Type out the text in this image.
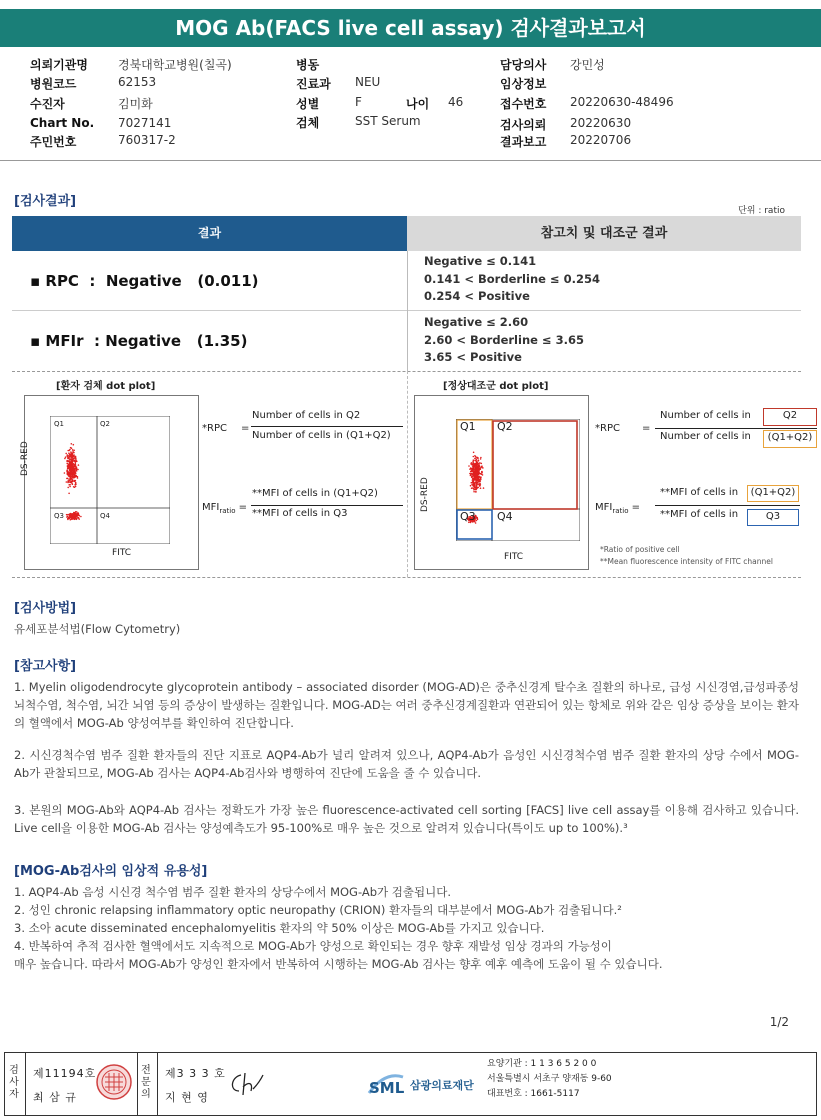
MOG Ab(FACS live cell assay) 검사결과보고서
의뢰기관명	경북대학교병원(칠곡)
병원코드	62153
수진자	김미화
Chart No. 7027141
주민번호	760317-2
병동
진료과 NEU
성별	F	나이 46
검체	SST Serum
담당의사 강민성
임상정보
접수번호 20220630-48496
검사의뢰 20220630
결과보고 20220706
[검사결과]
단위 : ratio
결과	참고치 및 대조군 결과
▪ RPC  :  Negative   (0.011)
Negative ≤ 0.141
0.141 < Borderline ≤ 0.254
0.254 < Positive
▪ MFIr  : Negative   (1.35)
Negative ≤ 2.60
2.60 < Borderline ≤ 3.65
3.65 < Positive
[환자 검체 dot plot]
DS-RED
FITC
Q1	Q2
Q3	Q4
*RPC =
Number of cells in Q2
Number of cells in (Q1+Q2)
$MFI_{ratio}$ =
**MFI of cells in (Q1+Q2)
**MFI of cells in Q3
[정상대조군 dot plot]
DS-RED
FITC
Q1 Q2
Q3 Q4
*RPC =
Number of cells in	Q2
Number of cells in	(Q1+Q2)
$MFI_{ratio}$ =
**MFI of cells in	(Q1+Q2)
**MFI of cells in	Q3
*Ratio of positive cell
**Mean fluorescence intensity of FITC channel
[검사방법]
유세포분석법(Flow Cytometry)
[참고사항]
1. Myelin oligodendrocyte glycoprotein antibody – associated disorder (MOG-AD)은 중추신경계 탈수초 질환의 하나로, 급성 시신경염,급성파종성 뇌척수염, 척수염, 뇌간 뇌염 등의 증상이 발생하는 질환입니다. MOG-AD는 여러 중추신경계질환과 연관되어 있는 항체로 위와 같은 임상 증상을 보이는 환자의 혈액에서 MOG-Ab 양성여부를 확인하여 진단합니다.
2. 시신경척수염 범주 질환 환자들의 진단 지표로 AQP4-Ab가 널리 알려져 있으나, AQP4-Ab가 음성인 시신경척수염 범주 질환 환자의 상당 수에서 MOG-Ab가 관찰되므로, MOG-Ab 검사는 AQP4-Ab검사와 병행하여 진단에 도움을 줄 수 있습니다.
3. 본원의 MOG-Ab와 AQP4-Ab 검사는 정확도가 가장 높은 fluorescence-activated cell sorting [FACS] live cell assay를 이용해 검사하고 있습니다. Live cell을 이용한 MOG-Ab 검사는 양성예측도가 95-100%로 매우 높은 것으로 알려져 있습니다(특이도 up to 100%).³
[MOG-Ab검사의 임상적 유용성]
1. AQP4-Ab 음성 시신경 척수염 범주 질환 환자의 상당수에서 MOG-Ab가 검출됩니다.
2. 성인 chronic relapsing inflammatory optic neuropathy (CRION) 환자들의 대부분에서 MOG-Ab가 검출됩니다.²
3. 소아 acute disseminated encephalomyelitis 환자의 약 50% 이상은 MOG-Ab를 가지고 있습니다.
4. 반복하여 추적 검사한 혈액에서도 지속적으로 MOG-Ab가 양성으로 확인되는 경우 향후 재발성 임상 경과의 가능성이
매우 높습니다. 따라서 MOG-Ab가 양성인 환자에서 반복하여 시행하는 MOG-Ab 검사는 향후 예후 예측에 도움이 될 수 있습니다.
1/2
검사자
제11194호
최 삼 규
전문의
제3 3 3 호
지 현 영
SML 삼광의료재단
요양기관 : 1 1 3 6 5 2 0 0
서울특별시 서초구 양재동 9-60
대표번호 : 1661-5117
